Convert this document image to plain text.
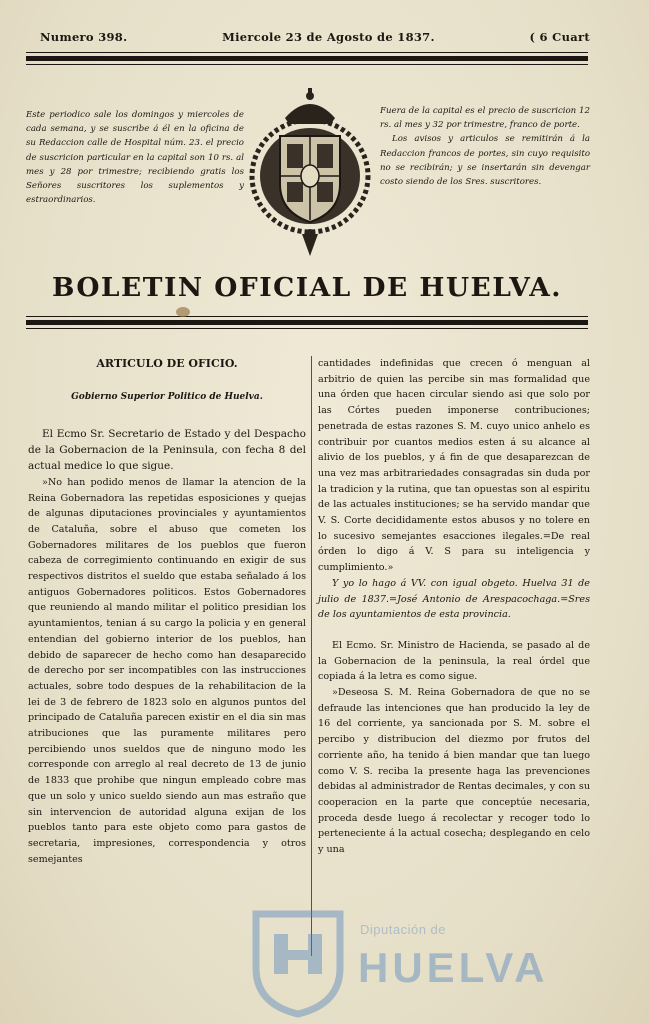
Numero 398.	Miercole 23 de Agosto de 1837.	( 6 Cuart

Este periodico sale los domingos y miercoles de cada semana, y se suscribe á él en la oficina de su Redaccion calle de Hospital núm. 23. el precio de suscricion particular en la capital son 10 rs. al mes y 28 por trimestre; recibiendo gratis los Señores suscritores los suplementos y estraordinarios.

Fuera de la capital es el precio de suscricion 12 rs. al mes y 32 por trimestre, franco de porte.

Los avisos y articulos se remitirán á la Redaccion francos de portes, sin cuyo requisito no se recibirán; y se insertarán sin devengar costo siendo de los Sres. suscritores.

BOLETIN OFICIAL DE HUELVA.

ARTICULO DE OFICIO.

Gobierno Superior Politico de Huelva.

El Ecmo Sr. Secretario de Estado y del Despacho de la Gobernacion de la Peninsula, con fecha 8 del actual medice lo que sigue.

»No han podido menos de llamar la atencion de la Reina Gobernadora las repetidas esposiciones y quejas de algunas diputaciones provinciales y ayuntamientos de Cataluña, sobre el abuso que cometen los Gobernadores militares de los pueblos que fueron cabeza de corregimiento continuando en exigir de sus respectivos distritos el sueldo que estaba señalado á los antiguos Gobernadores politicos. Estos Gobernadores que reuniendo al mando militar el politico presidian los ayuntamientos, tenian á su cargo la policia y en general entendian del gobierno interior de los pueblos, han debido de saparecer de hecho como han desaparecido de derecho por ser incompatibles con las instrucciones actuales, sobre todo despues de la rehabilitacion de la lei de 3 de febrero de 1823 solo en algunos puntos del principado de Cataluña parecen existir en el dia sin mas atribuciones que las puramente militares pero percibiendo unos sueldos que de ninguno modo les corresponde con arreglo al real decreto de 13 de junio de 1833 que prohibe que ningun empleado cobre mas que un solo y unico sueldo siendo aun mas estraño que sin intervencion de autoridad alguna exijan de los pueblos tanto para este objeto como para gastos de secretaria, impresiones, correspondencia y otros semejantes

cantidades indefinidas que crecen ó menguan al arbitrio de quien las percibe sin mas formalidad que una órden que hacen circular siendo asi que solo por las Córtes pueden imponerse contribuciones; penetrada de estas razones S. M. cuyo unico anhelo es contribuir por cuantos medios esten á su alcance al alivio de los pueblos, y á fin de que desaparezcan de una vez mas arbitrariedades consagradas sin duda por la tradicion y la rutina, que tan opuestas son al espiritu de las actuales instituciones; se ha servido mandar que V. S. Corte decididamente estos abusos y no tolere en lo sucesivo semejantes esacciones ilegales.=De real órden lo digo á V. S para su inteligencia y cumplimiento.»

Y yo lo hago á VV. con igual obgeto. Huelva 31 de julio de 1837.=José Antonio de Arespacochaga.=Sres de los ayuntamientos de esta provincia.

El Ecmo. Sr. Ministro de Hacienda, se pasado al de la Gobernacion de la peninsula, la real órdel que copiada á la letra es como sigue.

»Deseosa S. M. Reina Gobernadora de que no se defraude las intenciones que han producido la ley de 16 del corriente, ya sancionada por S. M. sobre el percibo y distribucion del diezmo por frutos del corriente año, ha tenido á bien mandar que tan luego como V. S. reciba la presente haga las prevenciones debidas al administrador de Rentas decimales, y con su cooperacion en la parte que conceptúe necesaria, proceda desde luego á recolectar y recoger todo lo perteneciente á la actual cosecha; desplegando en celo y una

Diputación de
HUELVA
